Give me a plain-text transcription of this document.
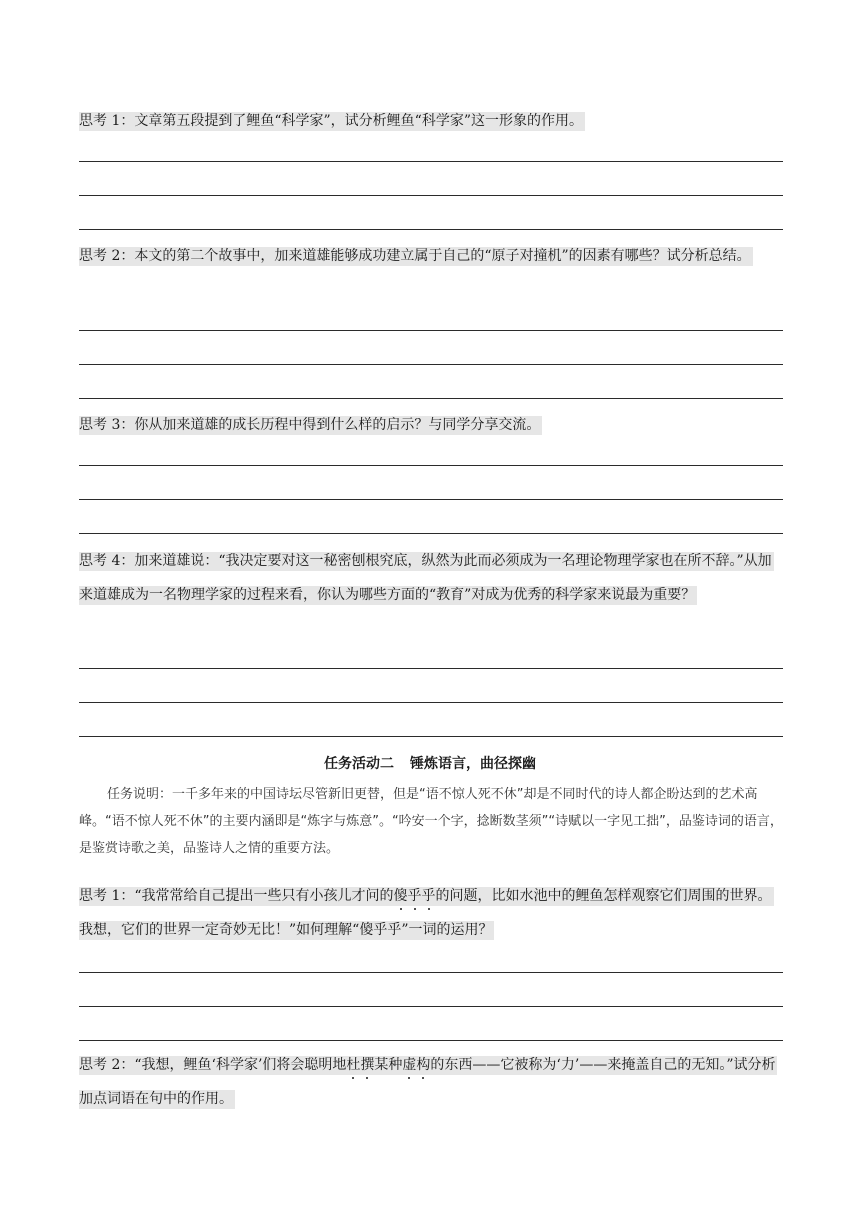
思考 1：文章第五段提到了鲤鱼“科学家”，试分析鲤鱼“科学家”这一形象的作用。
思考 2：本文的第二个故事中，加来道雄能够成功建立属于自己的“原子对撞机”的因素有哪些？试分析总结。
思考 3：你从加来道雄的成长历程中得到什么样的启示？与同学分享交流。
思考 4：加来道雄说：“我决定要对这一秘密刨根究底，纵然为此而必须成为一名理论物理学家也在所不辞。”从加来道雄成为一名物理学家的过程来看，你认为哪些方面的“教育”对成为优秀的科学家来说最为重要？
任务活动二 锤炼语言，曲径探幽
任务说明：一千多年来的中国诗坛尽管新旧更替，但是“语不惊人死不休”却是不同时代的诗人都企盼达到的艺术高峰。“语不惊人死不休”的主要内涵即是“炼字与炼意”。“吟安一个字，捻断数茎须”“诗赋以一字见工拙”，品鉴诗词的语言，是鉴赏诗歌之美，品鉴诗人之情的重要方法。
思考 1：“我常常给自己提出一些只有小孩儿才问的傻乎乎的问题，比如水池中的鲤鱼怎样观察它们周围的世界。我想，它们的世界一定奇妙无比！”如何理解“傻乎乎”一词的运用？
思考 2：“我想，鲤鱼‘科学家’们将会聪明地杜撰某种虚构的东西——它被称为‘力’——来掩盖自己的无知。”试分析加点词语在句中的作用。
